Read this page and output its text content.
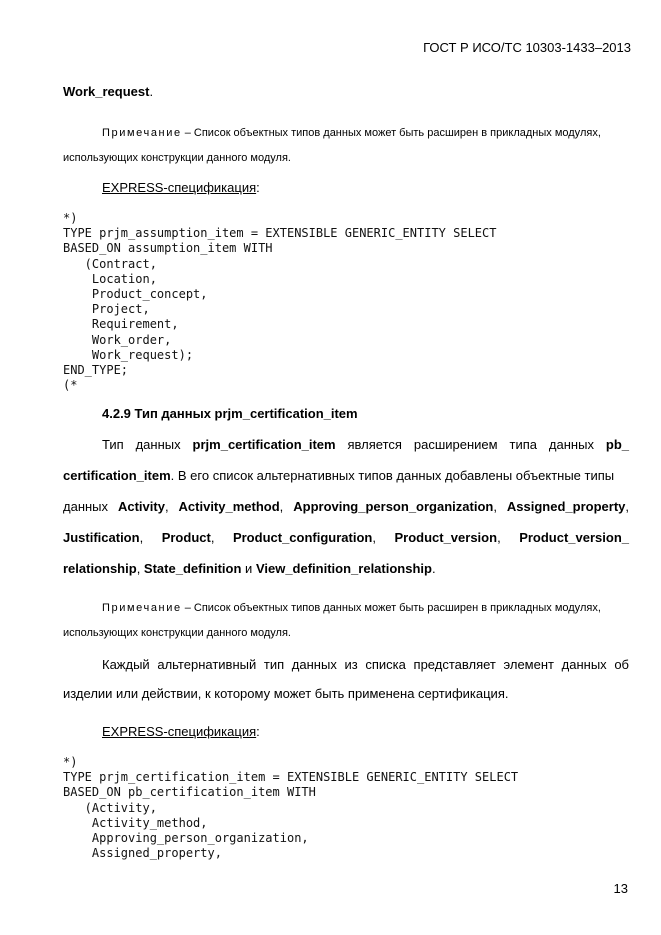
ГОСТ Р ИСО/ТС 10303-1433–2013
Work_request.
Примечание – Список объектных типов данных может быть расширен в прикладных модулях,
использующих конструкции данного модуля.
EXPRESS-спецификация:
*)
TYPE prjm_assumption_item = EXTENSIBLE GENERIC_ENTITY SELECT
BASED_ON assumption_item WITH
(Contract,
Location,
Product_concept,
Project,
Requirement,
Work_order,
Work_request);
END_TYPE;
(*
4.2.9 Тип данных prjm_certification_item
Тип данных prjm_certification_item является расширением типа данных pb_
certification_item. В его список альтернативных типов данных добавлены объектные типы
данных Activity, Activity_method, Approving_person_organization, Assigned_property,
Justification, Product, Product_configuration, Product_version, Product_version_
relationship, State_definition и View_definition_relationship.
Примечание – Список объектных типов данных может быть расширен в прикладных модулях,
использующих конструкции данного модуля.
Каждый альтернативный тип данных из списка представляет элемент данных об
изделии или действии, к которому может быть применена сертификация.
EXPRESS-спецификация:
*)
TYPE prjm_certification_item = EXTENSIBLE GENERIC_ENTITY SELECT
BASED_ON pb_certification_item WITH
(Activity,
Activity_method,
Approving_person_organization,
Assigned_property,
13
